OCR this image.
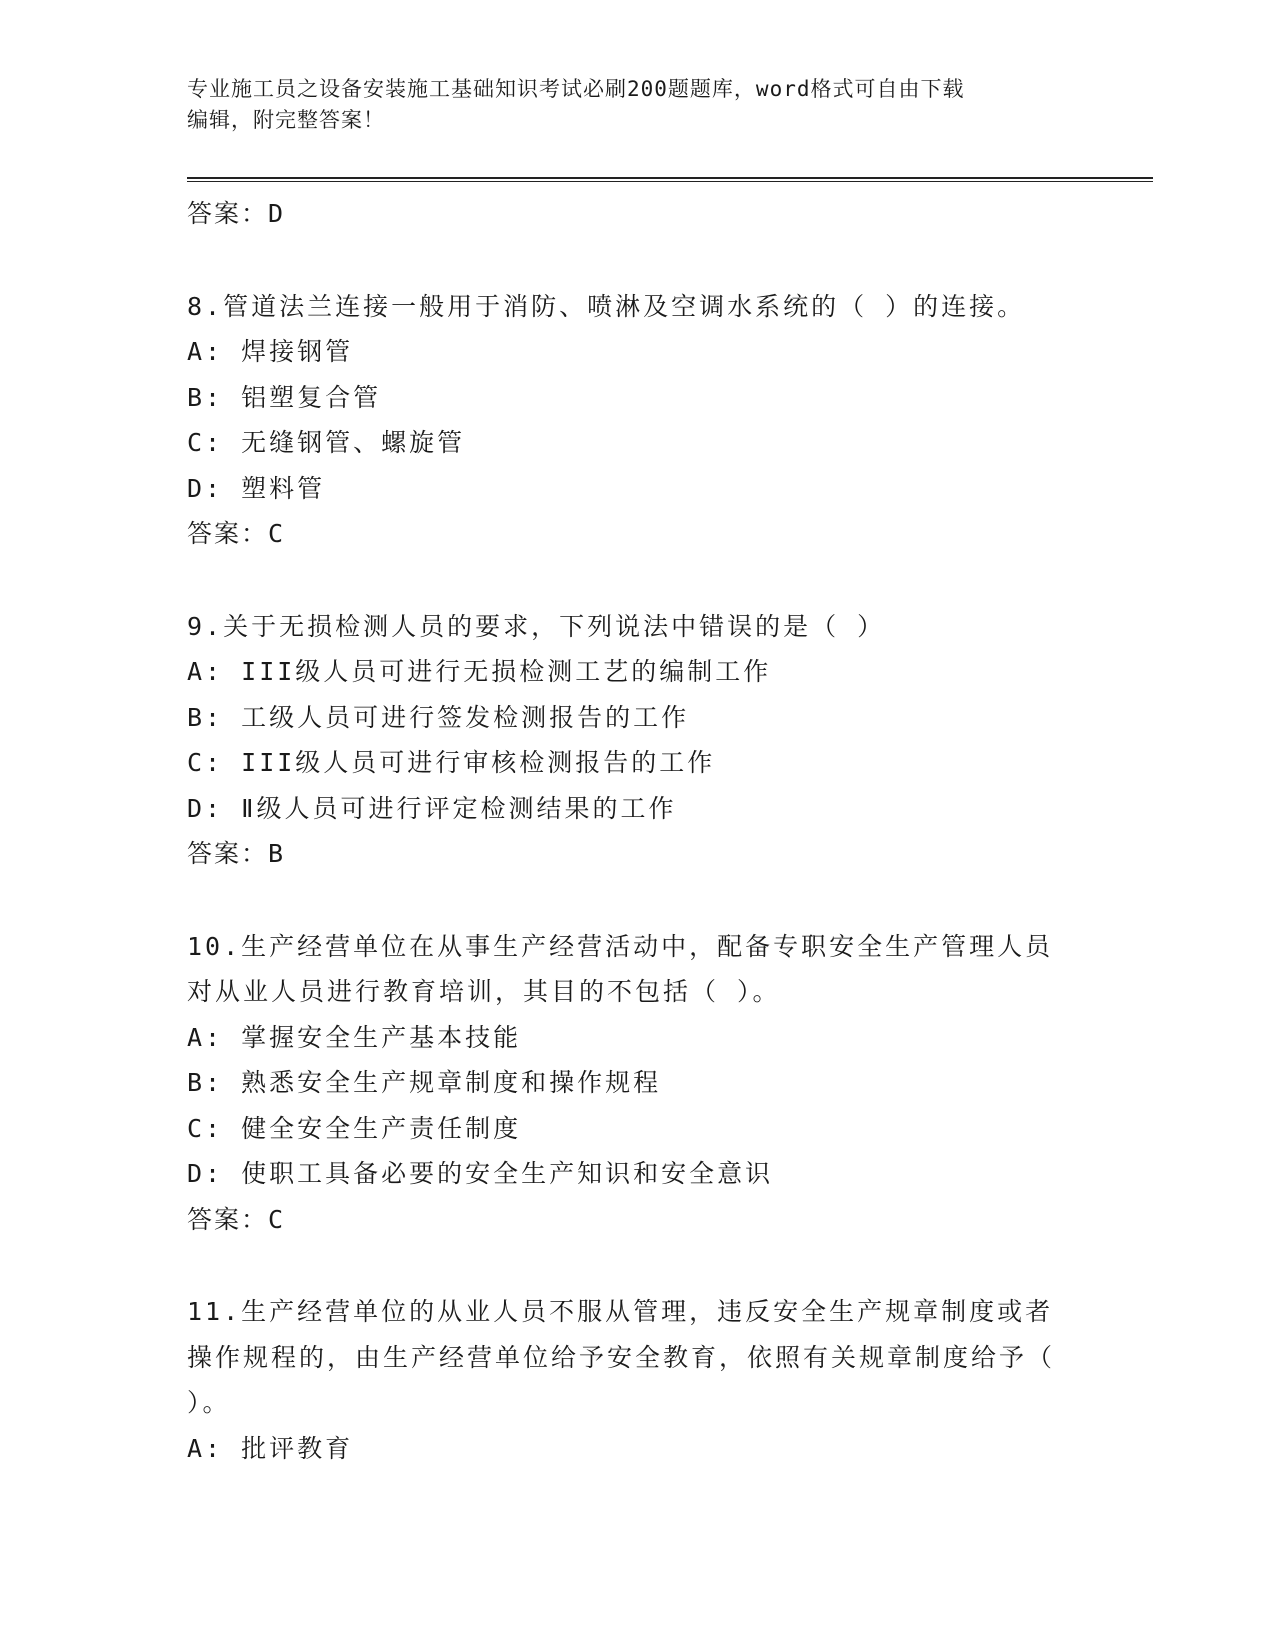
专业施工员之设备安装施工基础知识考试必刷200题题库，word格式可自由下载
编辑，附完整答案！

答案：D

8.管道法兰连接一般用于消防、喷淋及空调水系统的（ ）的连接。

A: 焊接钢管

B: 铝塑复合管

C: 无缝钢管、螺旋管

D: 塑料管

答案：C

9.关于无损检测人员的要求，下列说法中错误的是（ ）

A: III级人员可进行无损检测工艺的编制工作

B: 工级人员可进行签发检测报告的工作

C: III级人员可进行审核检测报告的工作

D: Ⅱ级人员可进行评定检测结果的工作

答案：B

10.生产经营单位在从事生产经营活动中，配备专职安全生产管理人员对从业人员进行教育培训，其目的不包括（ ）。

A: 掌握安全生产基本技能

B: 熟悉安全生产规章制度和操作规程

C: 健全安全生产责任制度

D: 使职工具备必要的安全生产知识和安全意识

答案：C

11.生产经营单位的从业人员不服从管理，违反安全生产规章制度或者操作规程的，由生产经营单位给予安全教育，依照有关规章制度给予（ ）。

A: 批评教育
